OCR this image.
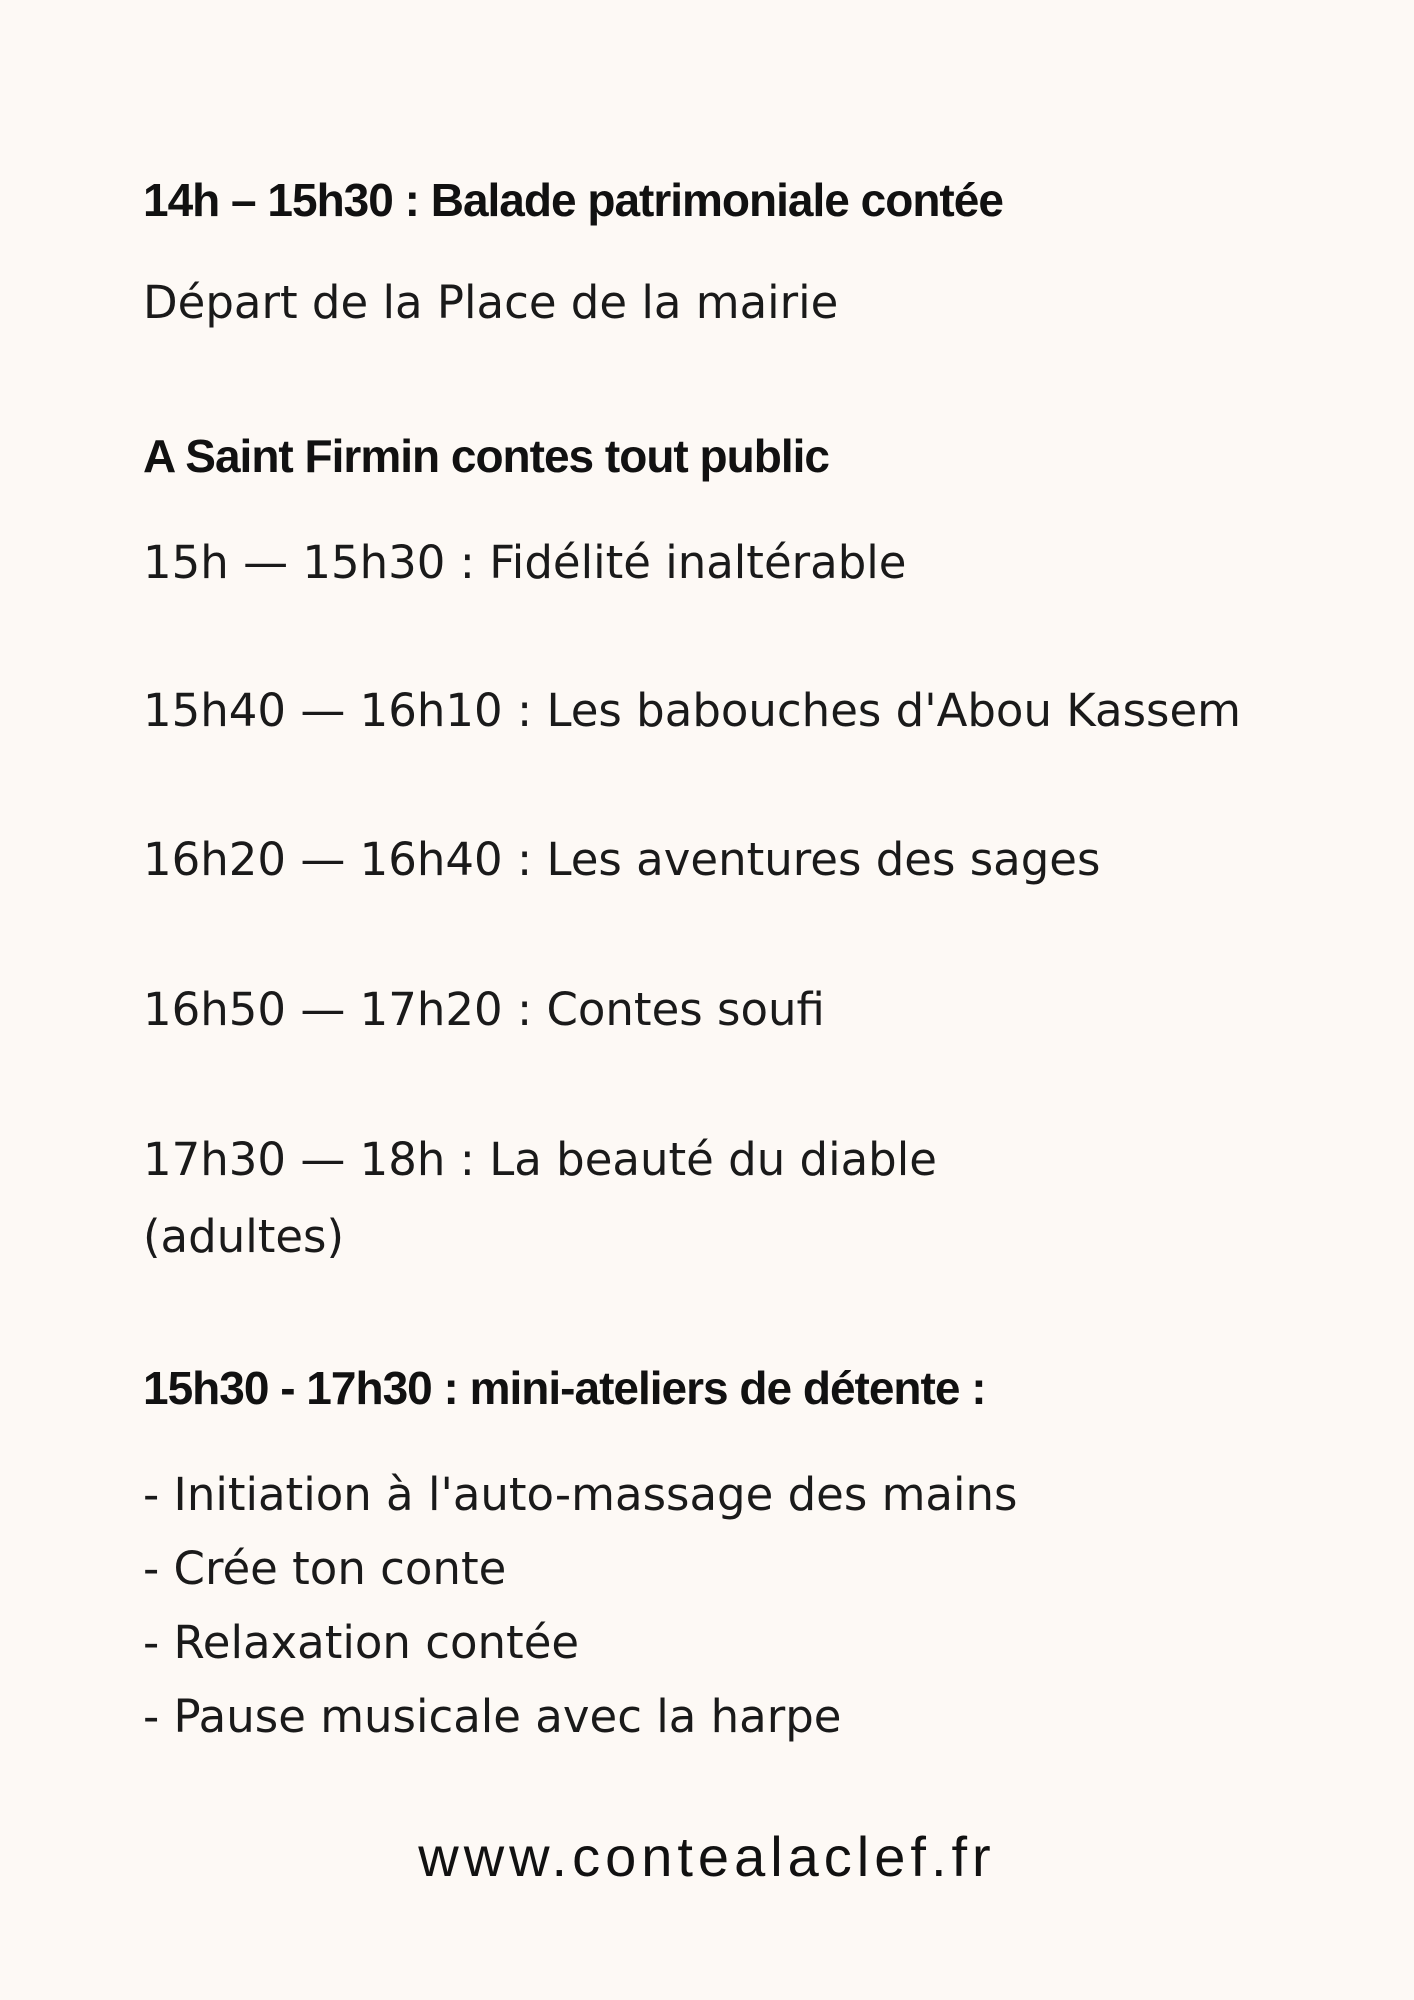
14h – 15h30 : Balade patrimoniale contée

Départ de la Place de la mairie

A Saint Firmin contes tout public

15h — 15h30 : Fidélité inaltérable

15h40 — 16h10 : Les babouches d'Abou Kassem

16h20 — 16h40 : Les aventures des sages

16h50 — 17h20 : Contes soufi

17h30 — 18h : La beauté du diable

(adultes)

15h30 - 17h30 : mini-ateliers de détente :

- Initiation à l'auto-massage des mains
- Crée ton conte
- Relaxation contée
- Pause musicale avec la harpe
www.contealaclef.fr
